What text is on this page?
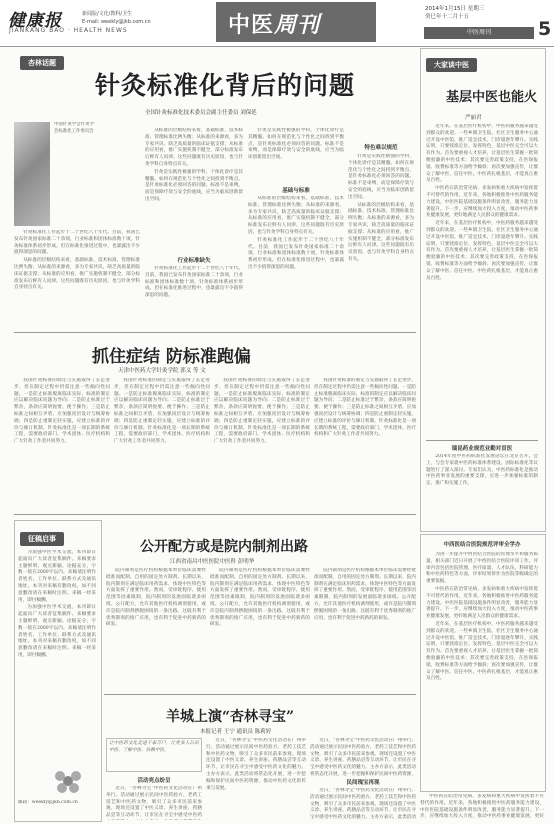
健康报
JIANKANG BAO · HEALTH NEWS
新闻版/文化/教科/卫生
E-mail: weekly@jkb.com.cn	中医周刊
2014年1月15日 星期三
癸巳年十二月十五
中医周刊	5
杏林话题
针灸标准化背后的问题
全国针灸标准化技术委员会副主任委员 刘保延
中国针灸学会针灸学会标准化工作委员会

针灸标准化工作起步于二十世纪八十年代。目前，我国已发布针灸国家标准二十余项，行业标准和团体标准数十项，针灸标准体系初步形成。但在标准化推进过程中，也暴露出不少值得深思的问题。

从标准的层级结构来看，基础标准、技术标准、管理标准比例失衡；从标准的来源看，多为专家共识，缺乏高质量的临床证据支撑；从标准的应用看，推广实施机制不健全，部分标准发布后鲜有人问津。这些问题既有历史原因，也与针灸学科自身特点有关。

从标准的层级结构来看，基础标准、技术标准、管理标准比例失衡；从标准的来源看，多为专家共识，缺乏高质量的临床证据支撑；从标准的应用看，推广实施机制不健全，部分标准发布后鲜有人问津。这些问题既有历史原因，也与针灸学科自身特点有关。

针灸是实践性极强的学科，个体化诊疗是其精髓。如何在规范化与个性化之间找到平衡点，是针灸标准化必须回答的问题。标准不是束缚，而是保障疗效与安全的底线，应当为临床创新留出空间。

行业标准缺失

针灸标准化工作起步于二十世纪八十年代。目前，我国已发布针灸国家标准二十余项，行业标准和团体标准数十项，针灸标准体系初步形成。但在标准化推进过程中，也暴露出不少值得深思的问题。

基础与标准

针灸是实践性极强的学科，个体化诊疗是其精髓。如何在规范化与个性化之间找到平衡点，是针灸标准化必须回答的问题。标准不是束缚，而是保障疗效与安全的底线，应当为临床创新留出空间。

从标准的层级结构来看，基础标准、技术标准、管理标准比例失衡；从标准的来源看，多为专家共识，缺乏高质量的临床证据支撑；从标准的应用看，推广实施机制不健全，部分标准发布后鲜有人问津。这些问题既有历史原因，也与针灸学科自身特点有关。

针灸标准化工作起步于二十世纪八十年代。目前，我国已发布针灸国家标准二十余项，行业标准和团体标准数十项，针灸标准体系初步形成。但在标准化推进过程中，也暴露出不少值得深思的问题。

特色难以规范

针灸是实践性极强的学科，个体化诊疗是其精髓。如何在规范化与个性化之间找到平衡点，是针灸标准化必须回答的问题。标准不是束缚，而是保障疗效与安全的底线，应当为临床创新留出空间。

从标准的层级结构来看，基础标准、技术标准、管理标准比例失衡；从标准的来源看，多为专家共识，缺乏高质量的临床证据支撑；从标准的应用看，推广实施机制不健全，部分标准发布后鲜有人问津。这些问题既有历史原因，也与针灸学科自身特点有关。

大家谈中医
基层中医也能火
严丽君

近年来，在基层医疗机构中，中医药服务越来越受到群众的欢迎。一些乡镇卫生院、社区卫生服务中心通过开设中医馆、推广适宜技术，门诊量逐年攀升。实践证明，只要找准定位、发挥特色，基层中医完全可以大有作为。首先要重视人才培养，让基层医生掌握一批简便验廉的中医技术；其次要完善政策支持，在医保报销、收费标准等方面给予倾斜；再次要加强宣传，让群众了解中医、信任中医。中医药扎根基层，才能真正惠及百姓。

中医药在防治常见病、多发病和重大疾病中发挥着不可替代的作用。近年来，各地积极推进中医药服务能力建设，中医医院基础设施条件明显改善，服务能力显著提升。下一步，应继续加大投入力度，推动中医药事业健康发展，更好地满足人民群众的健康需求。

近年来，在基层医疗机构中，中医药服务越来越受到群众的欢迎。一些乡镇卫生院、社区卫生服务中心通过开设中医馆、推广适宜技术，门诊量逐年攀升。实践证明，只要找准定位、发挥特色，基层中医完全可以大有作为。首先要重视人才培养，让基层医生掌握一批简便验廉的中医技术；其次要完善政策支持，在医保报销、收费标准等方面给予倾斜；再次要加强宣传，让群众了解中医、信任中医。中医药扎根基层，才能真正惠及百姓。

瑞昆药业规范业勤对首医

2014年度中医药标准化发展论坛在北京召开。会上，与会专家就中医药标准体系建设、国际标准化等议题进行了深入探讨。专家们认为，中医药标准化是推动中医药事业发展的重要支撑，应进一步加强标准的制定、推广和实施工作。

中西医结合医院规范评审全学办

为进一步提升中西医结合医院的管理水平和服务质量，相关部门近日开展了中西医结合医院评审工作。评审内容包括医院管理、医疗质量、人才队伍、科研能力和中医药特色等方面，评审结果将作为医院等级确定的重要依据。

中医药在防治常见病、多发病和重大疾病中发挥着不可替代的作用。近年来，各地积极推进中医药服务能力建设，中医医院基础设施条件明显改善，服务能力显著提升。下一步，应继续加大投入力度，推动中医药事业健康发展，更好地满足人民群众的健康需求。

近年来，在基层医疗机构中，中医药服务越来越受到群众的欢迎。一些乡镇卫生院、社区卫生服务中心通过开设中医馆、推广适宜技术，门诊量逐年攀升。实践证明，只要找准定位、发挥特色，基层中医完全可以大有作为。首先要重视人才培养，让基层医生掌握一批简便验廉的中医技术；其次要完善政策支持，在医保报销、收费标准等方面给予倾斜；再次要加强宣传，让群众了解中医、信任中医。中医药扎根基层，才能真正惠及百姓。

抓住症结 防标准跑偏
天津中医药大学针灸学院 郭义 等 文

我国针灸标准的制定与实施取得了长足进步，但在制定过程中仍需注意一些倾向性问题。一是防止标准脱离临床实际，标准的制定应以解决临床问题为导向；二是防止标准过于繁杂，条款应简明扼要、便于操作；三是防止标准之间相互矛盾，应加强顶层设计与统筹协调；四是防止重制定轻实施，应建立标准的评价与修订机制。针灸标准化是一项长期的系统工程，需要政府部门、学术团体、医疗机构和广大针灸工作者共同努力。

我国针灸标准的制定与实施取得了长足进步，但在制定过程中仍需注意一些倾向性问题。一是防止标准脱离临床实际，标准的制定应以解决临床问题为导向；二是防止标准过于繁杂，条款应简明扼要、便于操作；三是防止标准之间相互矛盾，应加强顶层设计与统筹协调；四是防止重制定轻实施，应建立标准的评价与修订机制。针灸标准化是一项长期的系统工程，需要政府部门、学术团体、医疗机构和广大针灸工作者共同努力。

我国针灸标准的制定与实施取得了长足进步，但在制定过程中仍需注意一些倾向性问题。一是防止标准脱离临床实际，标准的制定应以解决临床问题为导向；二是防止标准过于繁杂，条款应简明扼要、便于操作；三是防止标准之间相互矛盾，应加强顶层设计与统筹协调；四是防止重制定轻实施，应建立标准的评价与修订机制。针灸标准化是一项长期的系统工程，需要政府部门、学术团体、医疗机构和广大针灸工作者共同努力。

我国针灸标准的制定与实施取得了长足进步，但在制定过程中仍需注意一些倾向性问题。一是防止标准脱离临床实际，标准的制定应以解决临床问题为导向；二是防止标准过于繁杂，条款应简明扼要、便于操作；三是防止标准之间相互矛盾，应加强顶层设计与统筹协调；四是防止重制定轻实施，应建立标准的评价与修订机制。针灸标准化是一项长期的系统工程，需要政府部门、学术团体、医疗机构和广大针灸工作者共同努力。

征稿启事

为加强中医学术交流，本刊即日起面向广大读者征集稿件。来稿要求主题鲜明、观点新颖、论据充分，字数一般在2000字以内。来稿请注明作者姓名、工作单位、联系方式及通讯地址。本刊对来稿有删改权，如不同意删改请在来稿时注明。来稿一经采用，即付稿酬。

为加强中医学术交流，本刊即日起面向广大读者征集稿件。来稿要求主题鲜明、观点新颖、论据充分，字数一般在2000字以内。来稿请注明作者姓名、工作单位、联系方式及通讯地址。本刊对来稿有删改权，如不同意删改请在来稿时注明。来稿一经采用，即付稿酬。

邮箱：weekly@jkb.com.cn
公开配方或是院内制剂出路
江西省南昌中医医院中医科 彭明华

院内制剂是医疗机构根据本单位临床需要经批准而配制、自用的固定处方制剂。长期以来，院内制剂在满足临床用药需求、体现中医特色等方面发挥了重要作用。然而，受审批程序、使用范围等因素限制，院内制剂的发展面临诸多困境。公开配方，允许其他医疗机构调剂使用，或许是院内制剂摆脱困境的一条出路。这既有利于优秀制剂的推广应用，也有利于促进中药新药的研发。

院内制剂是医疗机构根据本单位临床需要经批准而配制、自用的固定处方制剂。长期以来，院内制剂在满足临床用药需求、体现中医特色等方面发挥了重要作用。然而，受审批程序、使用范围等因素限制，院内制剂的发展面临诸多困境。公开配方，允许其他医疗机构调剂使用，或许是院内制剂摆脱困境的一条出路。这既有利于优秀制剂的推广应用，也有利于促进中药新药的研发。

院内制剂是医疗机构根据本单位临床需要经批准而配制、自用的固定处方制剂。长期以来，院内制剂在满足临床用药需求、体现中医特色等方面发挥了重要作用。然而，受审批程序、使用范围等因素限制，院内制剂的发展面临诸多困境。公开配方，允许其他医疗机构调剂使用，或许是院内制剂摆脱困境的一条出路。这既有利于优秀制剂的推广应用，也有利于促进中药新药的研发。

羊城上演“杏林寻宝”
本报记者 王宁 通讯员 陈莉婷
让中医药文化走进千家万户，让更多人认识中医、了解中医、信赖中医。
活动亮点纷呈

近日，“杏林寻宝”中医药文化活动在广州举行。活动通过展示民间中医药验方、老药工技艺和中医药文物，吸引了众多市民前来参观。现场还设置了中医义诊、养生讲座、药膳品尝等互动环节，让市民在寻宝中感受中医药

近日，“杏林寻宝”中医药文化活动在广州举行。活动通过展示民间中医药验方、老药工技艺和中医药文物，吸引了众多市民前来参观。现场还设置了中医义诊、养生讲座、药膳品尝等互动环节，让市民在寻宝中感受中医药文化的魅力。主办方表示，此类活动将常态化开展，进一步挖掘和保护民间中医药资源，推动中医药文化的传承与发展。

近日，“杏林寻宝”中医药文化活动在广州举行。活动通过展示民间中医药验方、老药工技艺和中医药文物，吸引了众多市民前来参观。现场还设置了中医义诊、养生讲座、药膳品尝等互动环节，让市民在寻宝中感受中医药文化的魅力。主办方表示，此类活动将常态化开展，进一步挖掘和保护民间中医药资源，

民间瑰宝再现

近日，“杏林寻宝”中医药文化活动在广州举行。活动通过展示民间中医药验方、老药工技艺和中医药文物，吸引了众多市民前来参观。现场还设置了中医义诊、养生讲座、药膳品尝等互动环节，让市民在寻宝中感受中医药文化的魅力。主办方表示，此类活动

中医药在防治常见病、多发病和重大疾病中发挥着不可替代的作用。近年来，各地积极推进中医药服务能力建设，中医医院基础设施条件明显改善，服务能力显著提升。下一步，应继续加大投入力度，推动中医药事业健康发展，更好
